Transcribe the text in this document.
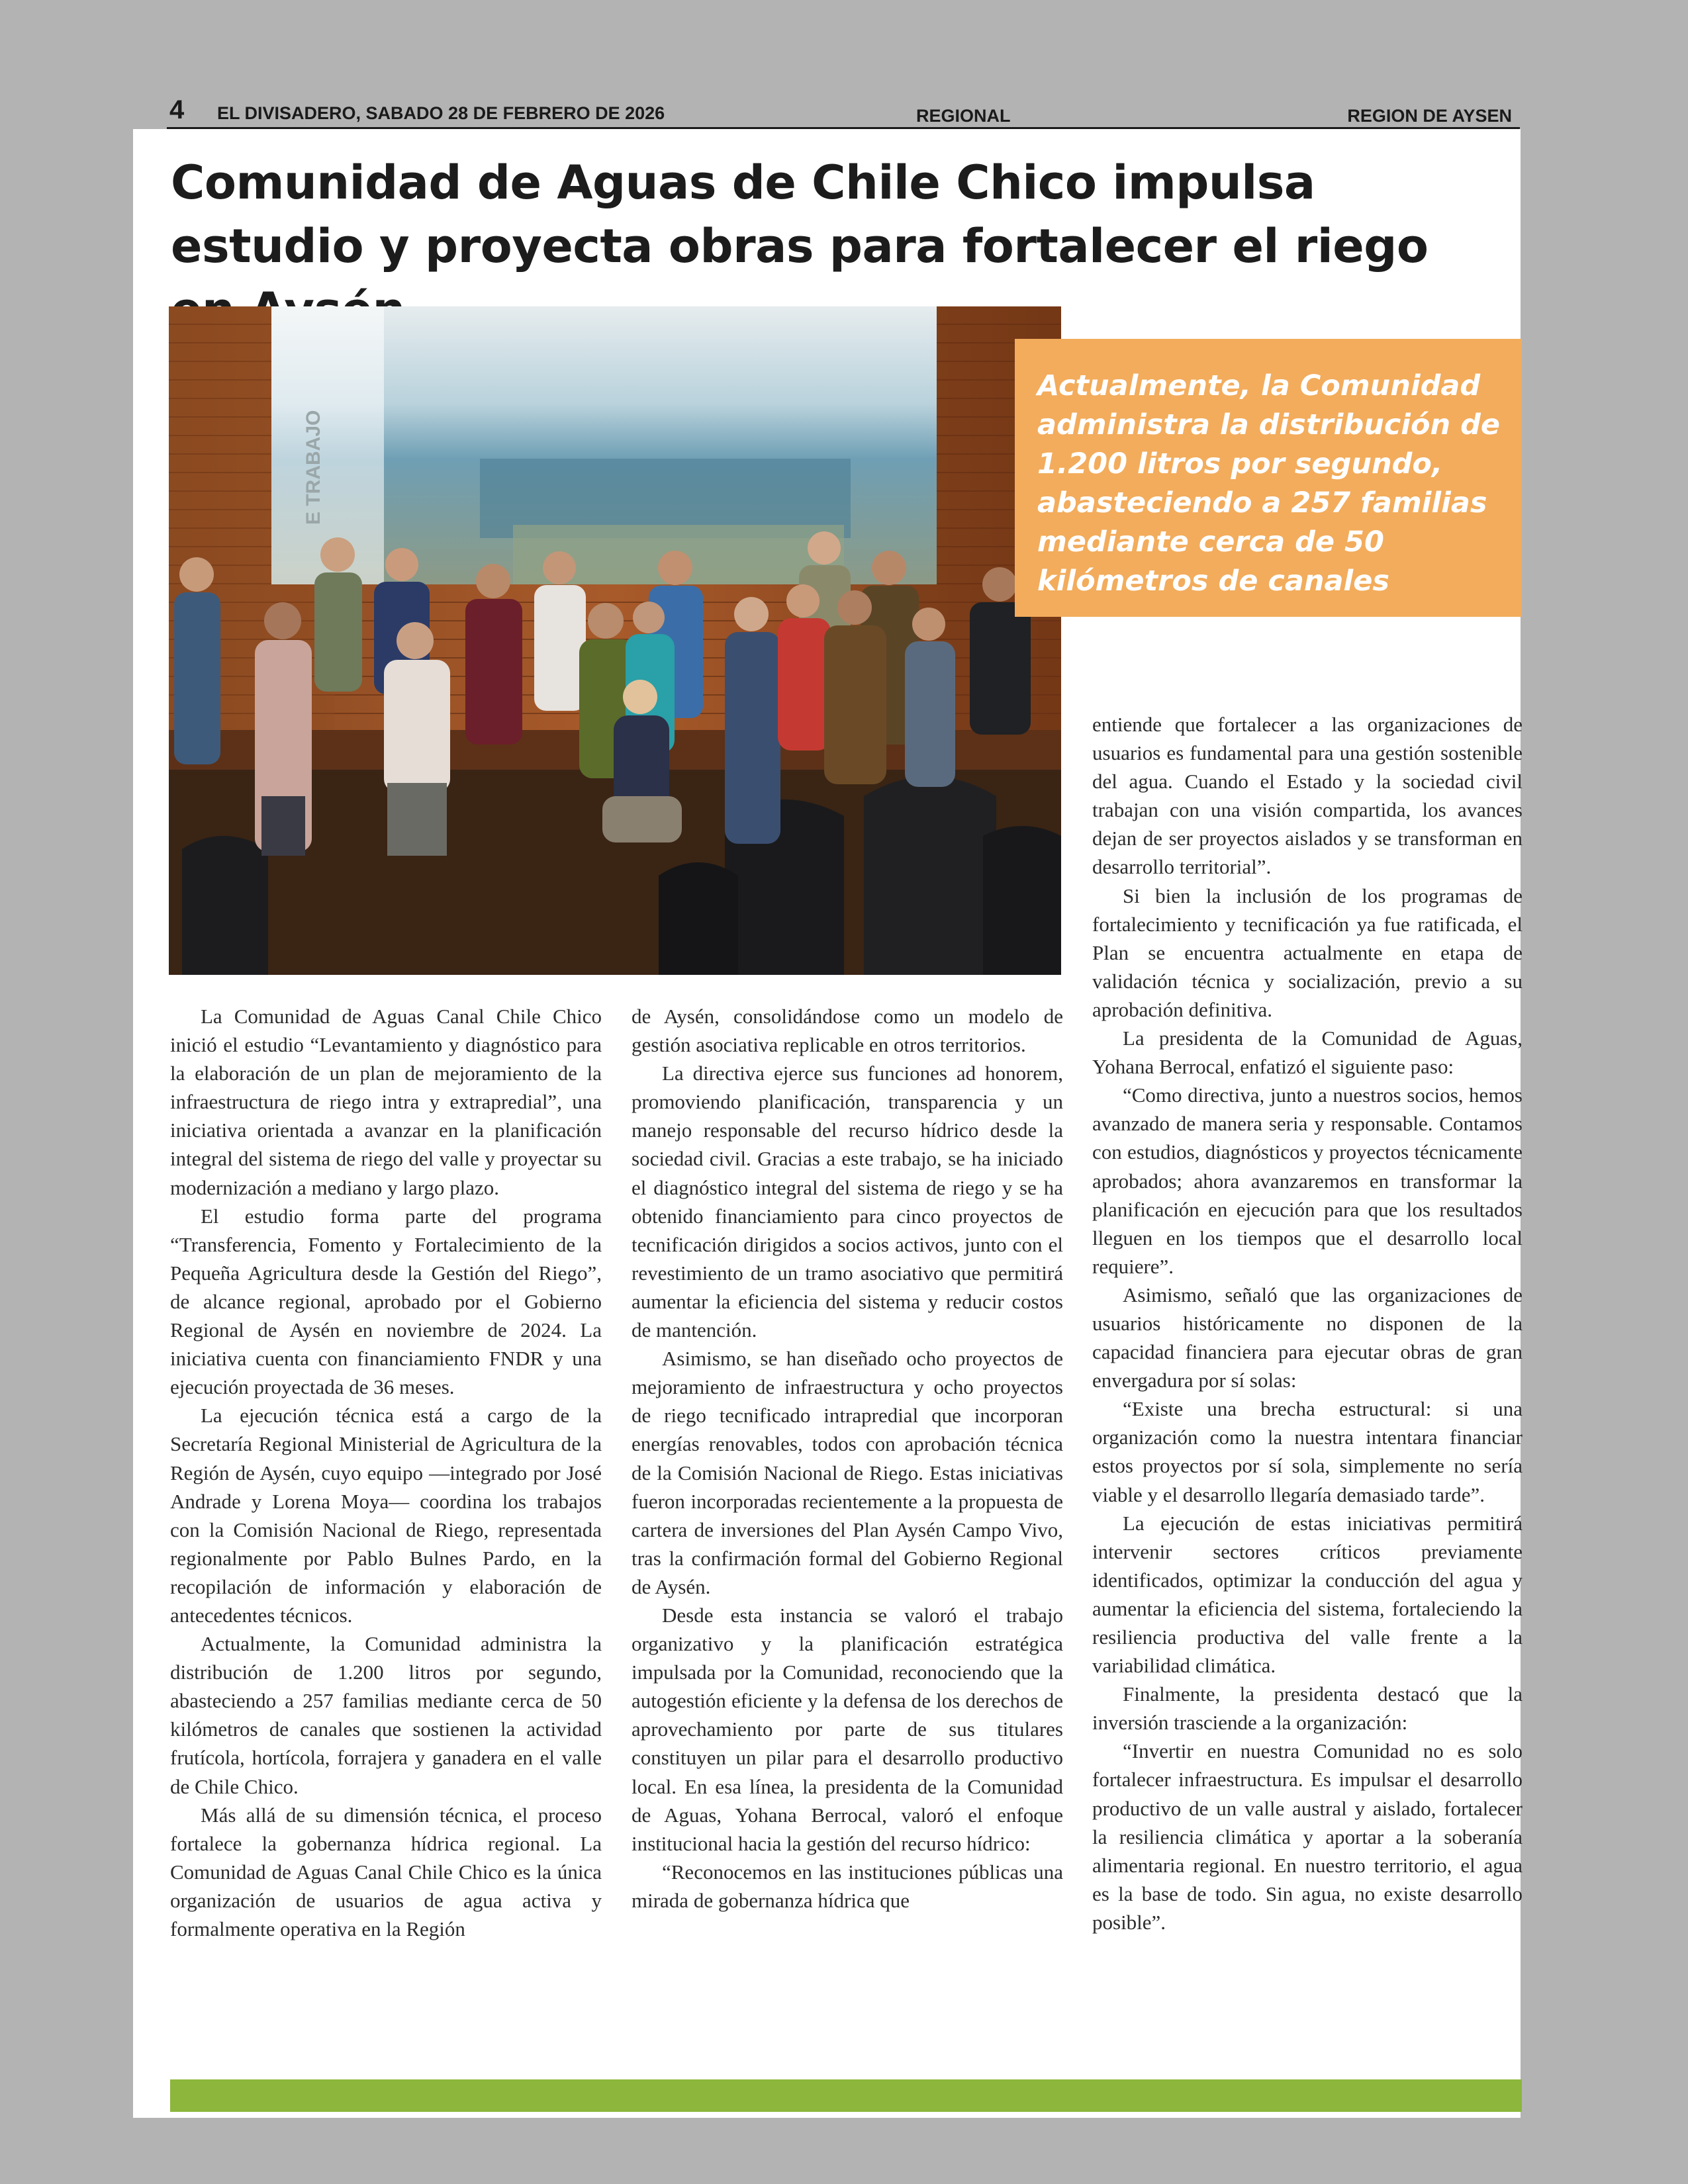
4 EL DIVISADERO, SABADO 28 DE FEBRERO DE 2026	REGIONAL	REGION DE AYSEN
Comunidad de Aguas de Chile Chico impulsa estudio y proyecta obras para fortalecer el riego
E TRABAJO

Actualmente, la Comunidad administra la distribución de 1.200 litros por segundo, abasteciendo a 257 familias mediante cerca de 50 kilómetros de canales

La Comunidad de Aguas Canal Chile Chico inició el estudio “Levantamiento y diagnóstico para la elaboración de un plan de mejoramiento de la infraestructura de riego intra y extrapredial”, una iniciativa orientada a avanzar en la planificación integral del sistema de riego del valle y proyectar su modernización a mediano y largo plazo.

El estudio forma parte del programa “Transferencia, Fomento y Fortalecimiento de la Pequeña Agricultura desde la Gestión del Riego”, de alcance regional, aprobado por el Gobierno Regional de Aysén en noviembre de 2024. La iniciativa cuenta con financiamiento FNDR y una ejecución proyectada de 36 meses.

La ejecución técnica está a cargo de la Secretaría Regional Ministerial de Agricultura de la Región de Aysén, cuyo equipo —integrado por José Andrade y Lorena Moya— coordina los trabajos con la Comisión Nacional de Riego, representada regionalmente por Pablo Bulnes Pardo, en la recopilación de información y elaboración de antecedentes técnicos.

Actualmente, la Comunidad administra la distribución de 1.200 litros por segundo, abasteciendo a 257 familias mediante cerca de 50 kilómetros de canales que sostienen la actividad frutícola, hortícola, forrajera y ganadera en el valle de Chile Chico.

Más allá de su dimensión técnica, el proceso fortalece la gobernanza hídrica regional. La Comunidad de Aguas Canal Chile Chico es la única organización de usuarios de agua activa y formalmente operativa en la Región

de Aysén, consolidándose como un modelo de gestión asociativa replicable en otros territorios.

La directiva ejerce sus funciones ad honorem, promoviendo planificación, transparencia y un manejo responsable del recurso hídrico desde la sociedad civil. Gracias a este trabajo, se ha iniciado el diagnóstico integral del sistema de riego y se ha obtenido financiamiento para cinco proyectos de tecnificación dirigidos a socios activos, junto con el revestimiento de un tramo asociativo que permitirá aumentar la eficiencia del sistema y reducir costos de mantención.

Asimismo, se han diseñado ocho proyectos de mejoramiento de infraestructura y ocho proyectos de riego tecnificado intrapredial que incorporan energías renovables, todos con aprobación técnica de la Comisión Nacional de Riego. Estas iniciativas fueron incorporadas recientemente a la propuesta de cartera de inversiones del Plan Aysén Campo Vivo, tras la confirmación formal del Gobierno Regional de Aysén.

Desde esta instancia se valoró el trabajo organizativo y la planificación estratégica impulsada por la Comunidad, reconociendo que la autogestión eficiente y la defensa de los derechos de aprovechamiento por parte de sus titulares constituyen un pilar para el desarrollo productivo local. En esa línea, la presidenta de la Comunidad de Aguas, Yohana Berrocal, valoró el enfoque institucional hacia la gestión del recurso hídrico:

“Reconocemos en las instituciones públicas una mirada de gobernanza hídrica que

entiende que fortalecer a las organizaciones de usuarios es fundamental para una gestión sostenible del agua. Cuando el Estado y la sociedad civil trabajan con una visión compartida, los avances dejan de ser proyectos aislados y se transforman en desarrollo territorial”.

Si bien la inclusión de los programas de fortalecimiento y tecnificación ya fue ratificada, el Plan se encuentra actualmente en etapa de validación técnica y socialización, previo a su aprobación definitiva.

La presidenta de la Comunidad de Aguas, Yohana Berrocal, enfatizó el siguiente paso:

“Como directiva, junto a nuestros socios, hemos avanzado de manera seria y responsable. Contamos con estudios, diagnósticos y proyectos técnicamente aprobados; ahora avanzaremos en transformar la planificación en ejecución para que los resultados lleguen en los tiempos que el desarrollo local requiere”.

Asimismo, señaló que las organizaciones de usuarios históricamente no disponen de la capacidad financiera para ejecutar obras de gran envergadura por sí solas:

“Existe una brecha estructural: si una organización como la nuestra intentara financiar estos proyectos por sí sola, simplemente no sería viable y el desarrollo llegaría demasiado tarde”.

La ejecución de estas iniciativas permitirá intervenir sectores críticos previamente identificados, optimizar la conducción del agua y aumentar la eficiencia del sistema, fortaleciendo la resiliencia productiva del valle frente a la variabilidad climática.

Finalmente, la presidenta destacó que la inversión trasciende a la organización:

“Invertir en nuestra Comunidad no es solo fortalecer infraestructura. Es impulsar el desarrollo productivo de un valle austral y aislado, fortalecer la resiliencia climática y aportar a la soberanía alimentaria regional. En nuestro territorio, el agua es la base de todo. Sin agua, no existe desarrollo posible”.
